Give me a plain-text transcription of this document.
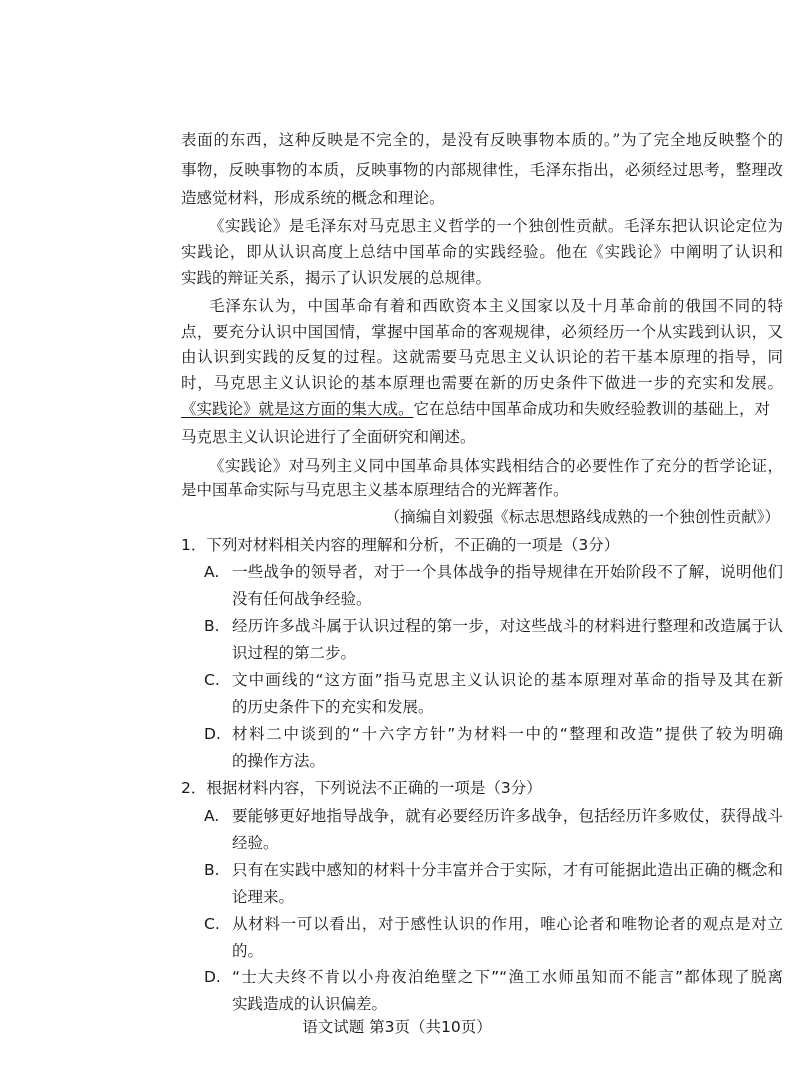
表面的东西，这种反映是不完全的，是没有反映事物本质的。”为了完全地反映整个的
事物，反映事物的本质，反映事物的内部规律性，毛泽东指出，必须经过思考，整理改
造感觉材料，形成系统的概念和理论。
《实践论》是毛泽东对马克思主义哲学的一个独创性贡献。毛泽东把认识论定位为
实践论，即从认识高度上总结中国革命的实践经验。他在《实践论》中阐明了认识和
实践的辩证关系，揭示了认识发展的总规律。
毛泽东认为，中国革命有着和西欧资本主义国家以及十月革命前的俄国不同的特
点，要充分认识中国国情，掌握中国革命的客观规律，必须经历一个从实践到认识，又
由认识到实践的反复的过程。这就需要马克思主义认识论的若干基本原理的指导，同
时，马克思主义认识论的基本原理也需要在新的历史条件下做进一步的充实和发展。
《实践论》就是这方面的集大成。它在总结中国革命成功和失败经验教训的基础上，对
马克思主义认识论进行了全面研究和阐述。
《实践论》对马列主义同中国革命具体实践相结合的必要性作了充分的哲学论证，
是中国革命实际与马克思主义基本原理结合的光辉著作。
（摘编自刘毅强《标志思想路线成熟的一个独创性贡献》）
1．下列对材料相关内容的理解和分析，不正确的一项是（3分）
A. 一些战争的领导者，对于一个具体战争的指导规律在开始阶段不了解，说明他们
没有任何战争经验。
B. 经历许多战斗属于认识过程的第一步，对这些战斗的材料进行整理和改造属于认
识过程的第二步。
C. 文中画线的“这方面”指马克思主义认识论的基本原理对革命的指导及其在新
的历史条件下的充实和发展。
D. 材料二中谈到的“十六字方针”为材料一中的“整理和改造”提供了较为明确
的操作方法。
2．根据材料内容，下列说法不正确的一项是（3分）
A. 要能够更好地指导战争，就有必要经历许多战争，包括经历许多败仗，获得战斗
经验。
B. 只有在实践中感知的材料十分丰富并合于实际，才有可能据此造出正确的概念和
论理来。
C. 从材料一可以看出，对于感性认识的作用，唯心论者和唯物论者的观点是对立
的。
D. “士大夫终不肯以小舟夜泊绝壁之下”“渔工水师虽知而不能言”都体现了脱离
实践造成的认识偏差。
语文试题 第3页（共10页）
